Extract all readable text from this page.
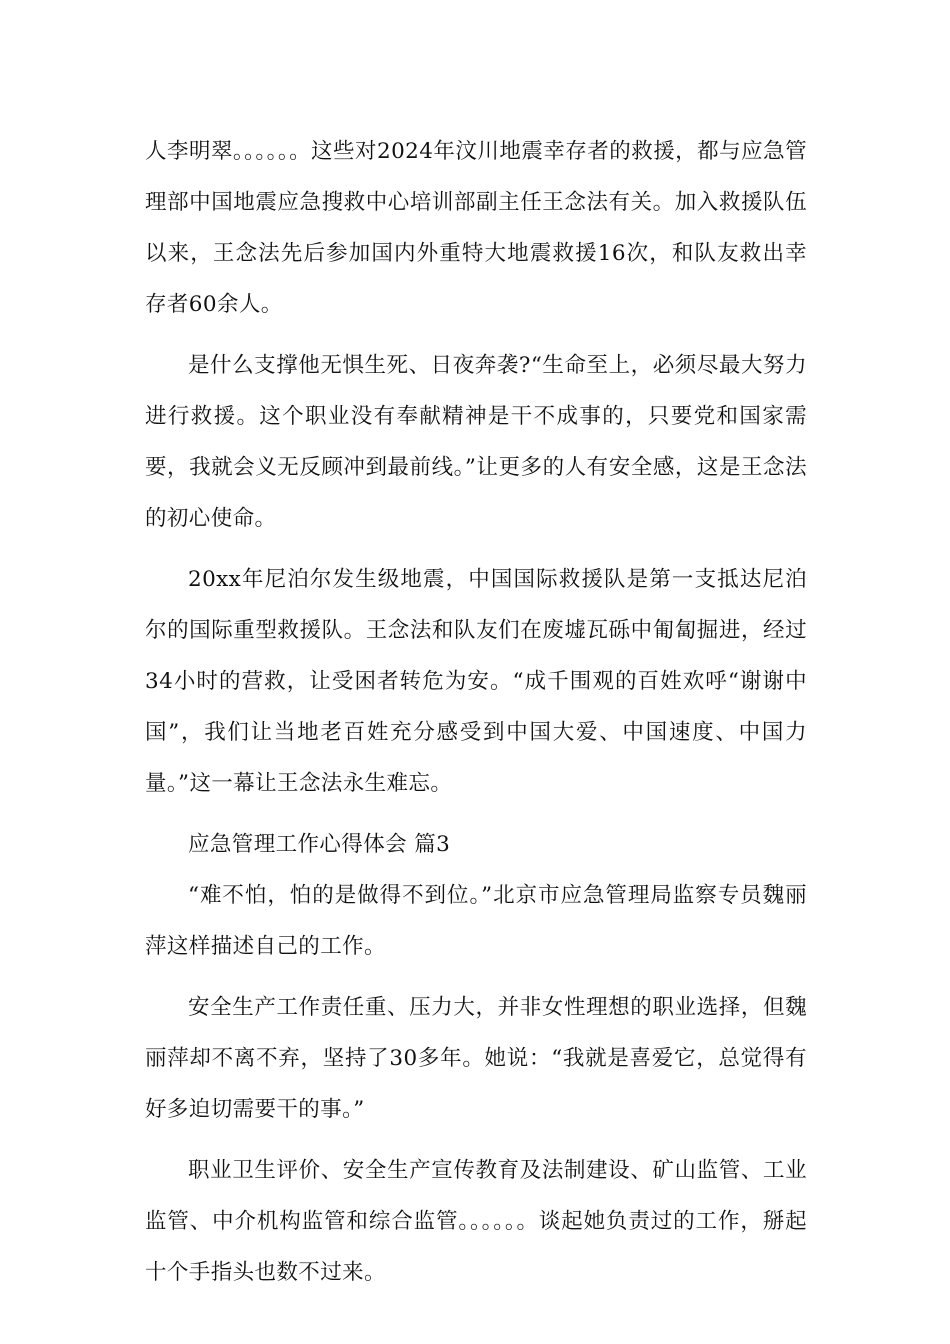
人李明翠。。。。。。这些对2024年汶川地震幸存者的救援，都与应急管理部中国地震应急搜救中心培训部副主任王念法有关。加入救援队伍以来，王念法先后参加国内外重特大地震救援16次，和队友救出幸存者60余人。

是什么支撑他无惧生死、日夜奔袭?“生命至上，必须尽最大努力进行救援。这个职业没有奉献精神是干不成事的，只要党和国家需要，我就会义无反顾冲到最前线。”让更多的人有安全感，这是王念法的初心使命。

20xx年尼泊尔发生级地震，中国国际救援队是第一支抵达尼泊尔的国际重型救援队。王念法和队友们在废墟瓦砾中匍匐掘进，经过34小时的营救，让受困者转危为安。“成千围观的百姓欢呼“谢谢中国”，我们让当地老百姓充分感受到中国大爱、中国速度、中国力量。”这一幕让王念法永生难忘。

应急管理工作心得体会 篇3

“难不怕，怕的是做得不到位。”北京市应急管理局监察专员魏丽萍这样描述自己的工作。

安全生产工作责任重、压力大，并非女性理想的职业选择，但魏丽萍却不离不弃，坚持了30多年。她说：“我就是喜爱它，总觉得有好多迫切需要干的事。”

职业卫生评价、安全生产宣传教育及法制建设、矿山监管、工业监管、中介机构监管和综合监管。。。。。。谈起她负责过的工作，掰起十个手指头也数不过来。
